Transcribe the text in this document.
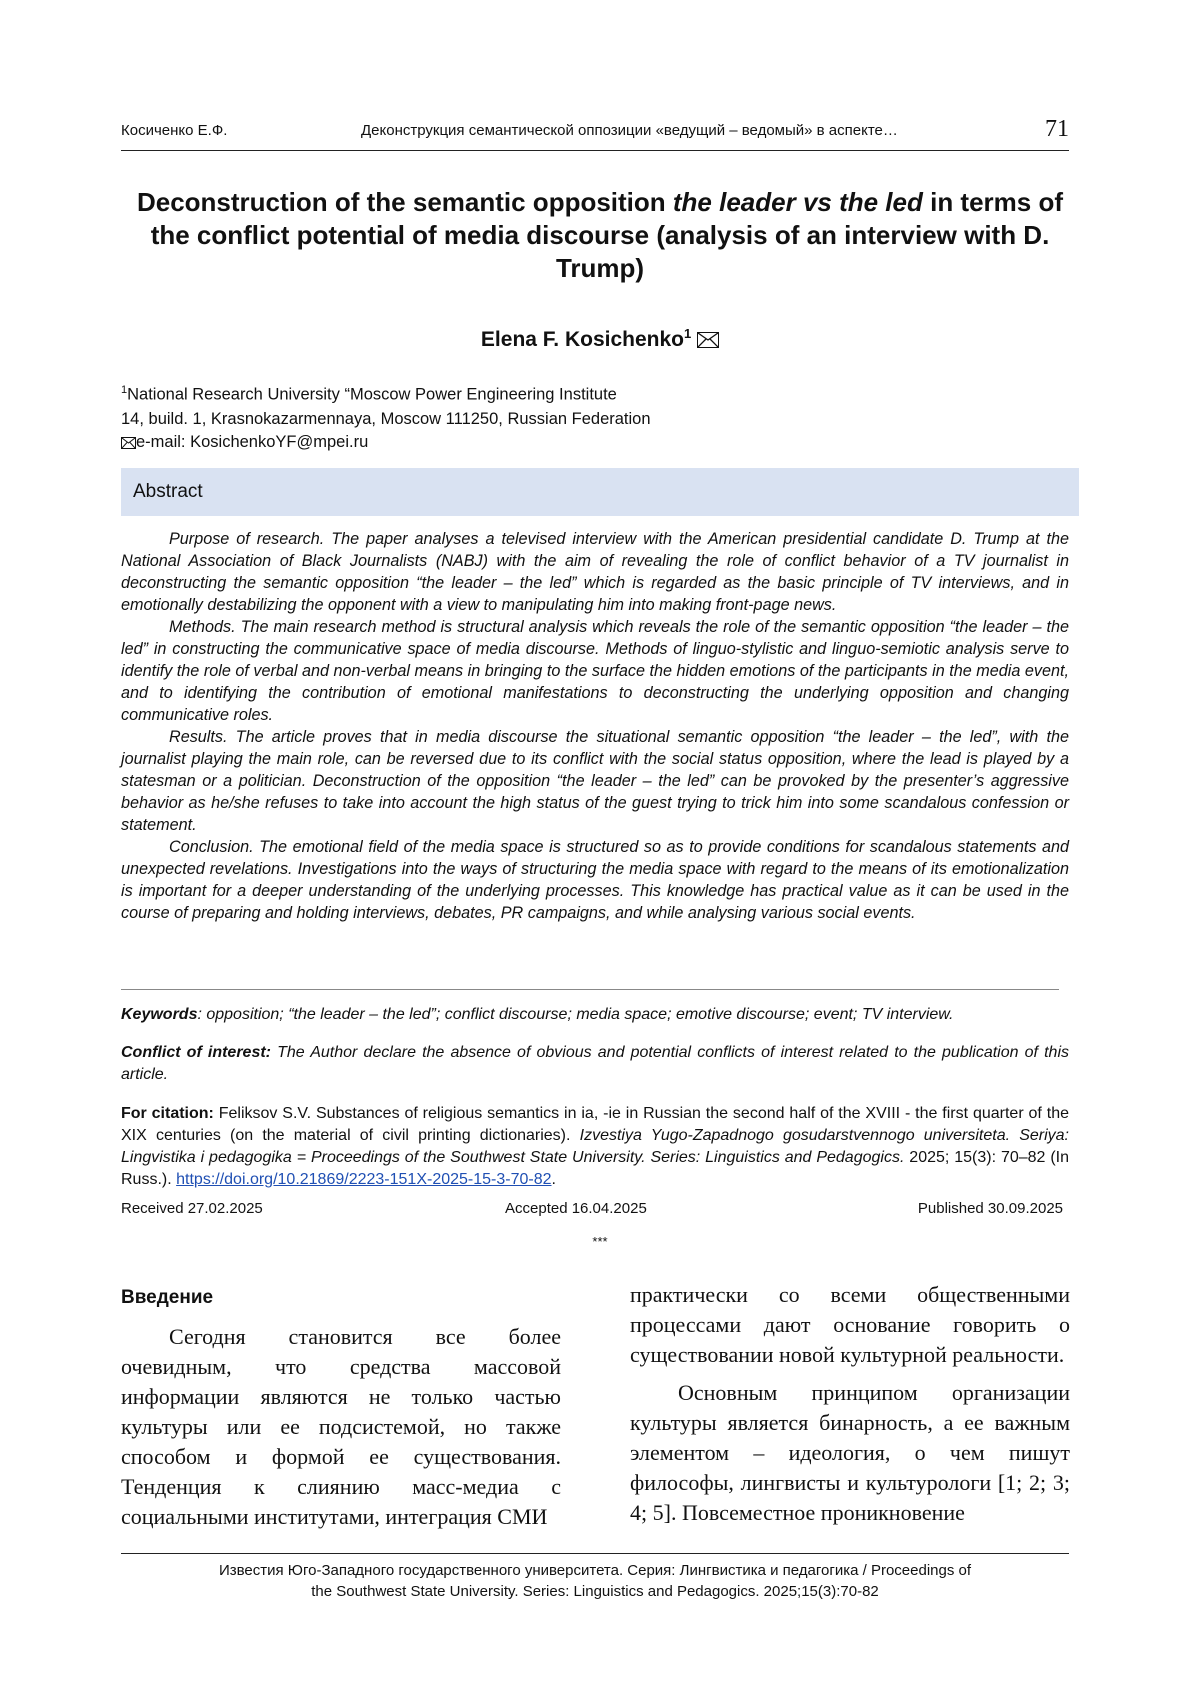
Косиченко Е.Ф.	Деконструкция семантической оппозиции «ведущий – ведомый» в аспекте…	71
Deconstruction of the semantic opposition the leader vs the led in terms of the conflict potential of media discourse (analysis of an interview with D. Trump)
Elena F. Kosichenko$^1$
$^1$National Research University “Moscow Power Engineering Institute
14, build. 1, Krasnokazarmennaya, Moscow 111250, Russian Federation
e-mail: KosichenkoYF@mpei.ru
Abstract

Purpose of research. The paper analyses a televised interview with the American presidential candidate D. Trump at the National Association of Black Journalists (NABJ) with the aim of revealing the role of conflict behavior of a TV journalist in deconstructing the semantic opposition “the leader – the led” which is regarded as the basic principle of TV interviews, and in emotionally destabilizing the opponent with a view to manipulating him into making front-page news.

Methods. The main research method is structural analysis which reveals the role of the semantic opposition “the leader – the led” in constructing the communicative space of media discourse. Methods of linguo-stylistic and linguo-semiotic analysis serve to identify the role of verbal and non-verbal means in bringing to the surface the hidden emotions of the participants in the media event, and to identifying the contribution of emotional manifestations to deconstructing the underlying opposition and changing communicative roles.

Results. The article proves that in media discourse the situational semantic opposition “the leader – the led”, with the journalist playing the main role, can be reversed due to its conflict with the social status opposition, where the lead is played by a statesman or a politician. Deconstruction of the opposition “the leader – the led” can be provoked by the presenter’s aggressive behavior as he/she refuses to take into account the high status of the guest trying to trick him into some scandalous confession or statement.

Conclusion. The emotional field of the media space is structured so as to provide conditions for scandalous statements and unexpected revelations. Investigations into the ways of structuring the media space with regard to the means of its emotionalization is important for a deeper understanding of the underlying processes. This knowledge has practical value as it can be used in the course of preparing and holding interviews, debates, PR campaigns, and while analysing various social events.

Keywords: opposition; “the leader – the led”; conflict discourse; media space; emotive discourse; event; TV interview.

Conflict of interest: The Author declare the absence of obvious and potential conflicts of interest related to the publication of this article.

For citation: Feliksov S.V. Substances of religious semantics in ia, -ie in Russian the second half of the XVIII - the first quarter of the XIX centuries (on the material of civil printing dictionaries). Izvestiya Yugo-Zapadnogo gosudarstvennogo universiteta. Seriya: Lingvistika i pedagogika = Proceedings of the Southwest State University. Series: Linguistics and Pedagogics. 2025; 15(3): 70–82 (In Russ.). https://doi.org/10.21869/2223-151X-2025-15-3-70-82.

Received 27.02.2025	Accepted 16.04.2025	Published 30.09.2025
***
Введение

Сегодня становится все более очевидным, что средства массовой информации являются не только частью культуры или ее подсистемой, но также способом и формой ее существования. Тенденция к слиянию масс-медиа с социальными институтами, интеграция СМИ

практически со всеми общественными процессами дают основание говорить о существовании новой культурной реальности.

Основным принципом организации культуры является бинарность, а ее важным элементом – идеология, о чем пишут философы, лингвисты и культурологи [1; 2; 3; 4; 5]. Повсеместное проникновение

Известия Юго-Западного государственного университета. Серия: Лингвистика и педагогика / Proceedings of
the Southwest State University. Series: Linguistics and Pedagogics. 2025;15(3):70-82
